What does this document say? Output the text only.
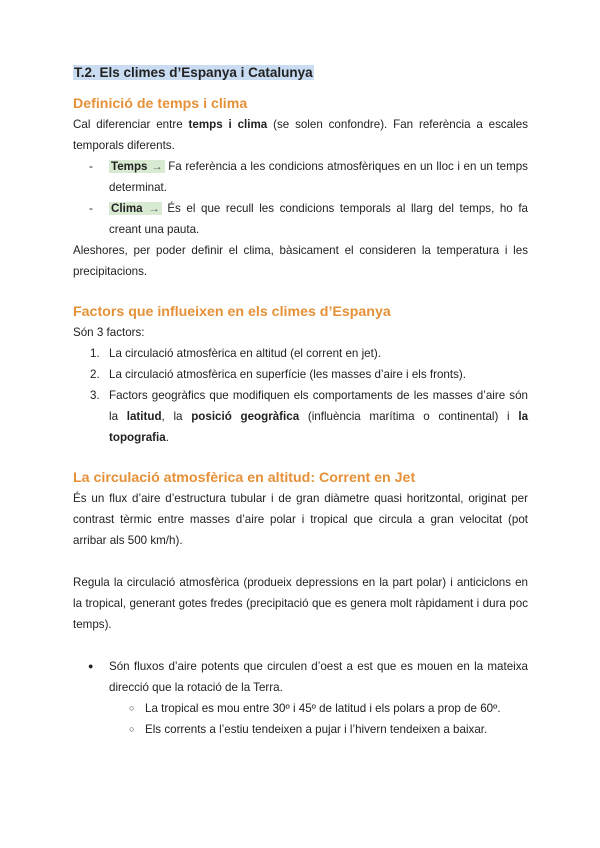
T.2. Els climes d’Espanya i Catalunya
Definició de temps i clima

Cal diferenciar entre temps i clima (se solen confondre). Fan referència a escales temporals diferents.

- Temps → Fa referència a les condicions atmosfèriques en un lloc i en un temps determinat.
- Clima → És el que recull les condicions temporals al llarg del temps, ho fa creant una pauta.

Aleshores, per poder definir el clima, bàsicament el consideren la temperatura i les precipitacions.

Factors que influeixen en els climes d’Espanya

Són 3 factors:

1. La circulació atmosfèrica en altitud (el corrent en jet).
2. La circulació atmosfèrica en superfície (les masses d’aire i els fronts).
3. Factors geogràfics que modifiquen els comportaments de les masses d’aire són la latitud, la posició geogràfica (influència marítima o continental) i la topografia.
La circulació atmosfèrica en altitud: Corrent en Jet

És un flux d’aire d’estructura tubular i de gran diàmetre quasi horitzontal, originat per contrast tèrmic entre masses d’aire polar i tropical que circula a gran velocitat (pot arribar als 500 km/h).

Regula la circulació atmosfèrica (produeix depressions en la part polar) i anticiclons en la tropical, generant gotes fredes (precipitació que es genera molt ràpidament i dura poc temps).

● Són fluxos d’aire potents que circulen d’oest a est que es mouen en la mateixa direcció que la rotació de la Terra.
○ La tropical es mou entre 30º i 45º de latitud i els polars a prop de 60º.
○ Els corrents a l’estiu tendeixen a pujar i l’hivern tendeixen a baixar.
